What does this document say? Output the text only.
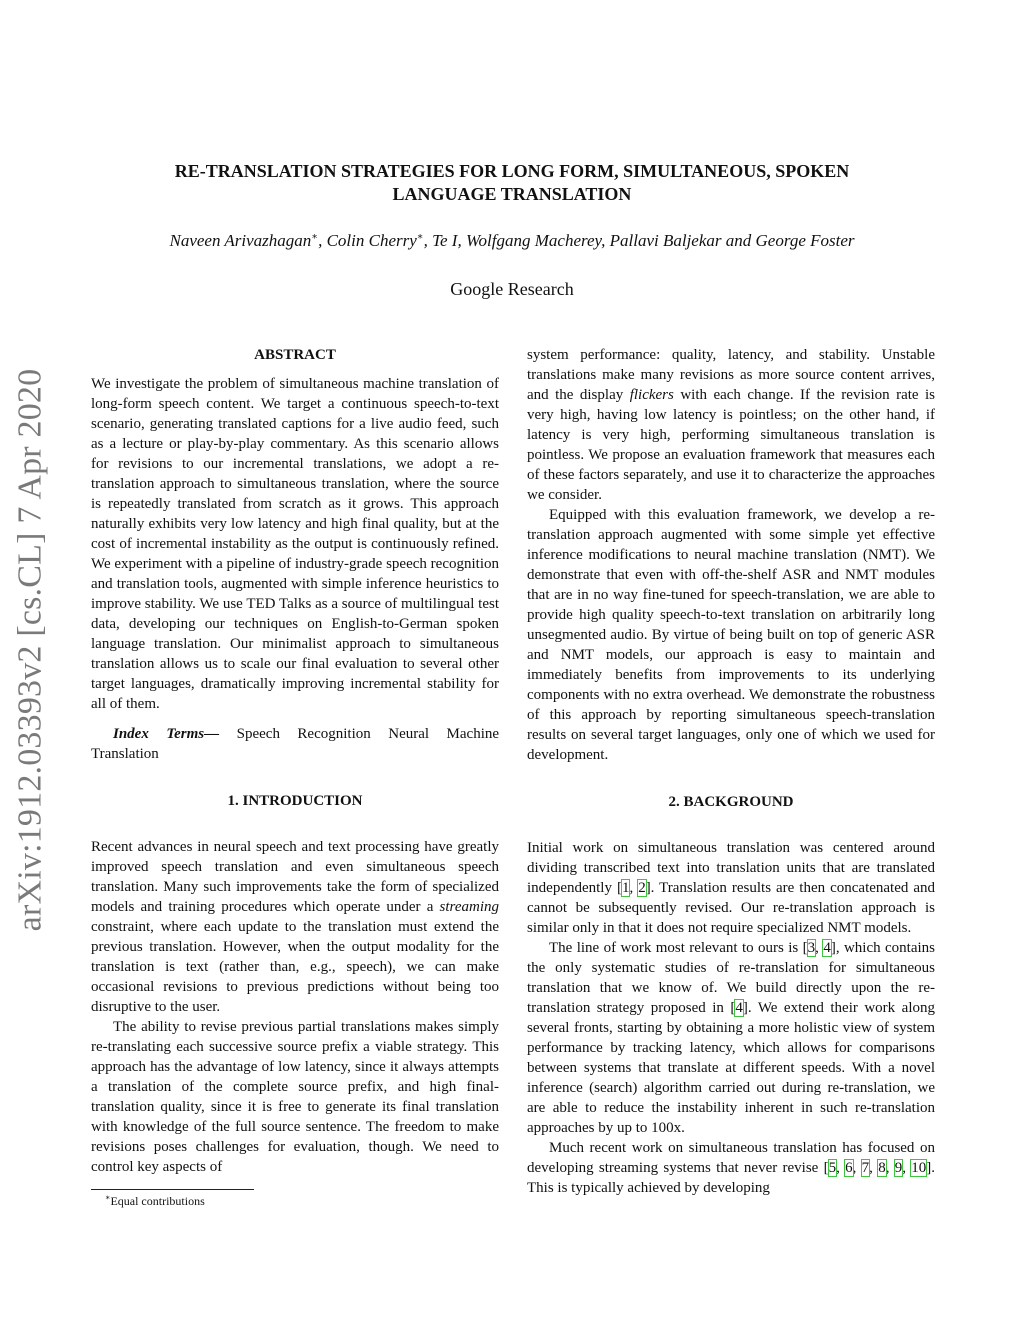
arXiv:1912.03393v2 [cs.CL] 7 Apr 2020
RE-TRANSLATION STRATEGIES FOR LONG FORM, SIMULTANEOUS, SPOKEN
LANGUAGE TRANSLATION

Naveen Arivazhagan∗, Colin Cherry∗, Te I, Wolfgang Macherey, Pallavi Baljekar and George Foster

Google Research

ABSTRACT

We investigate the problem of simultaneous machine translation of long-form speech content. We target a continuous speech-to-text scenario, generating translated captions for a live audio feed, such as a lecture or play-by-play commentary. As this scenario allows for revisions to our incremental translations, we adopt a re-translation approach to simultaneous translation, where the source is repeatedly translated from scratch as it grows. This approach naturally exhibits very low latency and high final quality, but at the cost of incremental instability as the output is continuously refined. We experiment with a pipeline of industry-grade speech recognition and translation tools, augmented with simple inference heuristics to improve stability. We use TED Talks as a source of multilingual test data, developing our techniques on English-to-German spoken language translation. Our minimalist approach to simultaneous translation allows us to scale our final evaluation to several other target languages, dramatically improving incremental stability for all of them.

Index Terms— Speech Recognition Neural Machine Translation

1. INTRODUCTION

Recent advances in neural speech and text processing have greatly improved speech translation and even simultaneous speech translation. Many such improvements take the form of specialized models and training procedures which operate under a streaming constraint, where each update to the translation must extend the previous translation. However, when the output modality for the translation is text (rather than, e.g., speech), we can make occasional revisions to previous predictions without being too disruptive to the user.

The ability to revise previous partial translations makes simply re-translating each successive source prefix a viable strategy. This approach has the advantage of low latency, since it always attempts a translation of the complete source prefix, and high final-translation quality, since it is free to generate its final translation with knowledge of the full source sentence. The freedom to make revisions poses challenges for evaluation, though. We need to control key aspects of

system performance: quality, latency, and stability. Unstable translations make many revisions as more source content arrives, and the display flickers with each change. If the revision rate is very high, having low latency is pointless; on the other hand, if latency is very high, performing simultaneous translation is pointless. We propose an evaluation framework that measures each of these factors separately, and use it to characterize the approaches we consider.

Equipped with this evaluation framework, we develop a re-translation approach augmented with some simple yet effective inference modifications to neural machine translation (NMT). We demonstrate that even with off-the-shelf ASR and NMT modules that are in no way fine-tuned for speech-translation, we are able to provide high quality speech-to-text translation on arbitrarily long unsegmented audio. By virtue of being built on top of generic ASR and NMT models, our approach is easy to maintain and immediately benefits from improvements to its underlying components with no extra overhead. We demonstrate the robustness of this approach by reporting simultaneous speech-translation results on several target languages, only one of which we used for development.

2. BACKGROUND

Initial work on simultaneous translation was centered around dividing transcribed text into translation units that are translated independently [1, 2]. Translation results are then concatenated and cannot be subsequently revised. Our re-translation approach is similar only in that it does not require specialized NMT models.

The line of work most relevant to ours is [3, 4], which contains the only systematic studies of re-translation for simultaneous translation that we know of. We build directly upon the re-translation strategy proposed in [4]. We extend their work along several fronts, starting by obtaining a more holistic view of system performance by tracking latency, which allows for comparisons between systems that translate at different speeds. With a novel inference (search) algorithm carried out during re-translation, we are able to reduce the instability inherent in such re-translation approaches by up to 100x.

Much recent work on simultaneous translation has focused on developing streaming systems that never revise [5, 6, 7, 8, 9, 10]. This is typically achieved by developing

∗Equal contributions
